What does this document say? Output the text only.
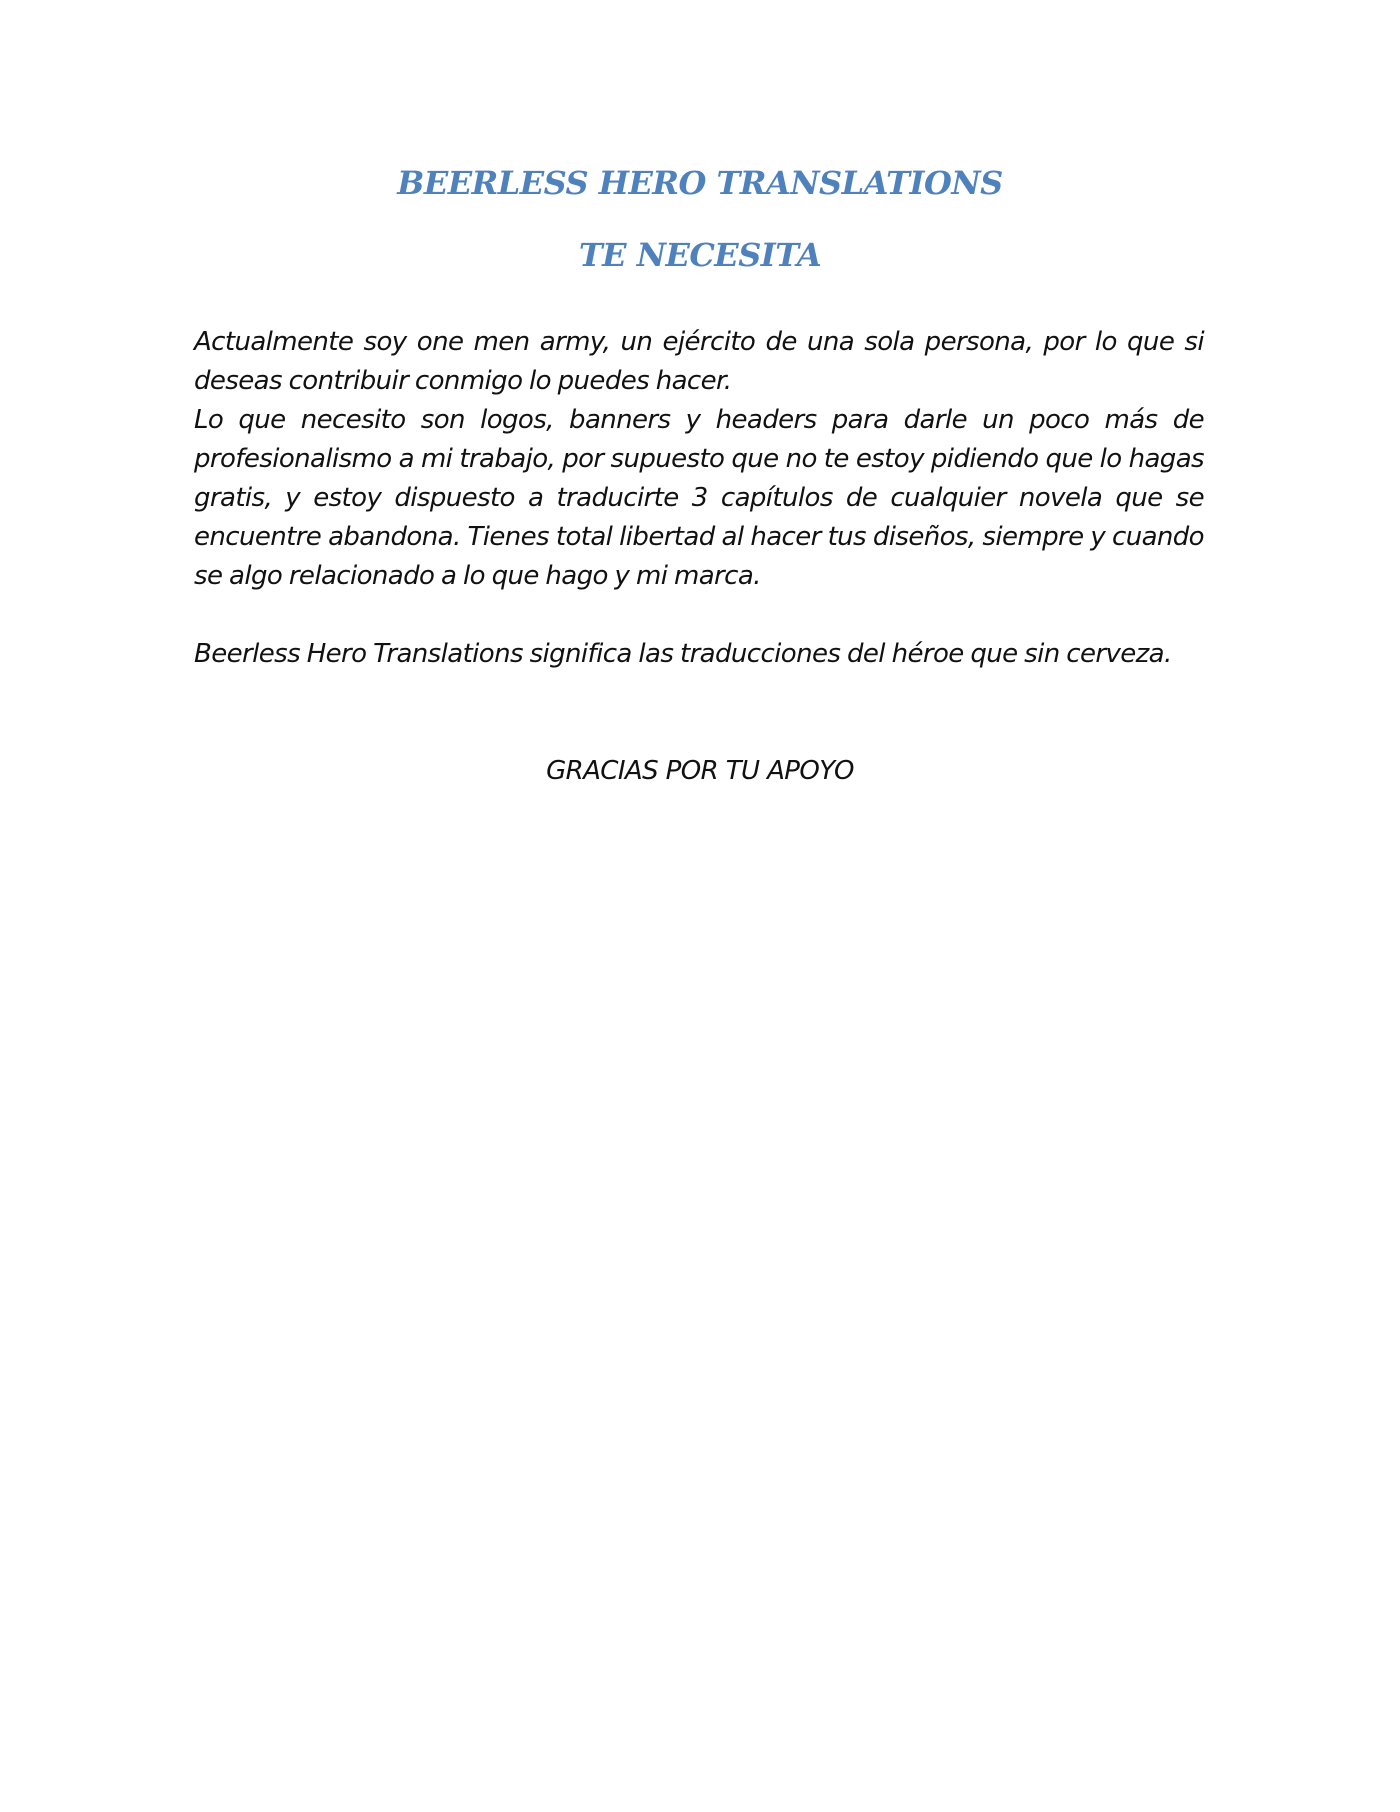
BEERLESS HERO TRANSLATIONS
TE NECESITA

Actualmente soy one men army, un ejército de una sola persona, por lo que si deseas contribuir conmigo lo puedes hacer.

Lo que necesito son logos, banners y headers para darle un poco más de profesionalismo a mi trabajo, por supuesto que no te estoy pidiendo que lo hagas gratis, y estoy dispuesto a traducirte 3 capítulos de cualquier novela que se encuentre abandona. Tienes total libertad al hacer tus diseños, siempre y cuando se algo relacionado a lo que hago y mi marca.

Beerless Hero Translations significa las traducciones del héroe que sin cerveza.

GRACIAS POR TU APOYO
